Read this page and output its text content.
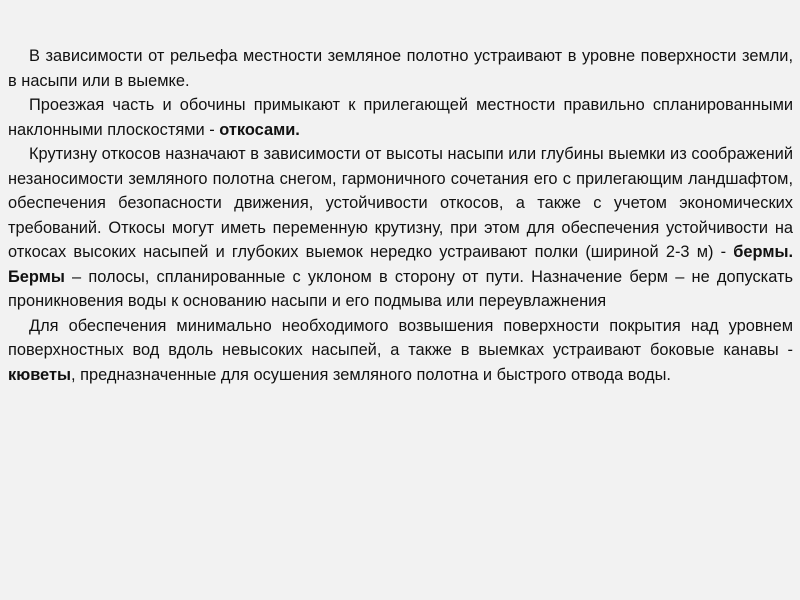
В зависимости от рельефа местности земляное полотно устраивают в уровне поверхности земли, в насыпи или в выемке.

Проезжая часть и обочины примыкают к прилегающей местности правильно спланированными наклонными плоскостями - откосами.

Крутизну откосов назначают в зависимости от высоты насыпи или глубины выемки из соображений незаносимости земляного полотна снегом, гармоничного сочетания его с прилегающим ландшафтом, обеспечения безопасности движения, устойчивости откосов, а также с учетом экономических требований. Откосы могут иметь переменную крутизну, при этом для обеспечения устойчивости на откосах высоких насыпей и глубоких выемок нередко устраивают полки (шириной 2-3 м) - бермы. Бермы – полосы, спланированные с уклоном в сторону от пути. Назначение берм – не допускать проникновения воды к основанию насыпи и его подмыва или переувлажнения

Для обеспечения минимально необходимого возвышения поверхности покрытия над уровнем поверхностных вод вдоль невысоких насыпей, а также в выемках устраивают боковые канавы - кюветы, предназначенные для осушения земляного полотна и быстрого отвода воды.
